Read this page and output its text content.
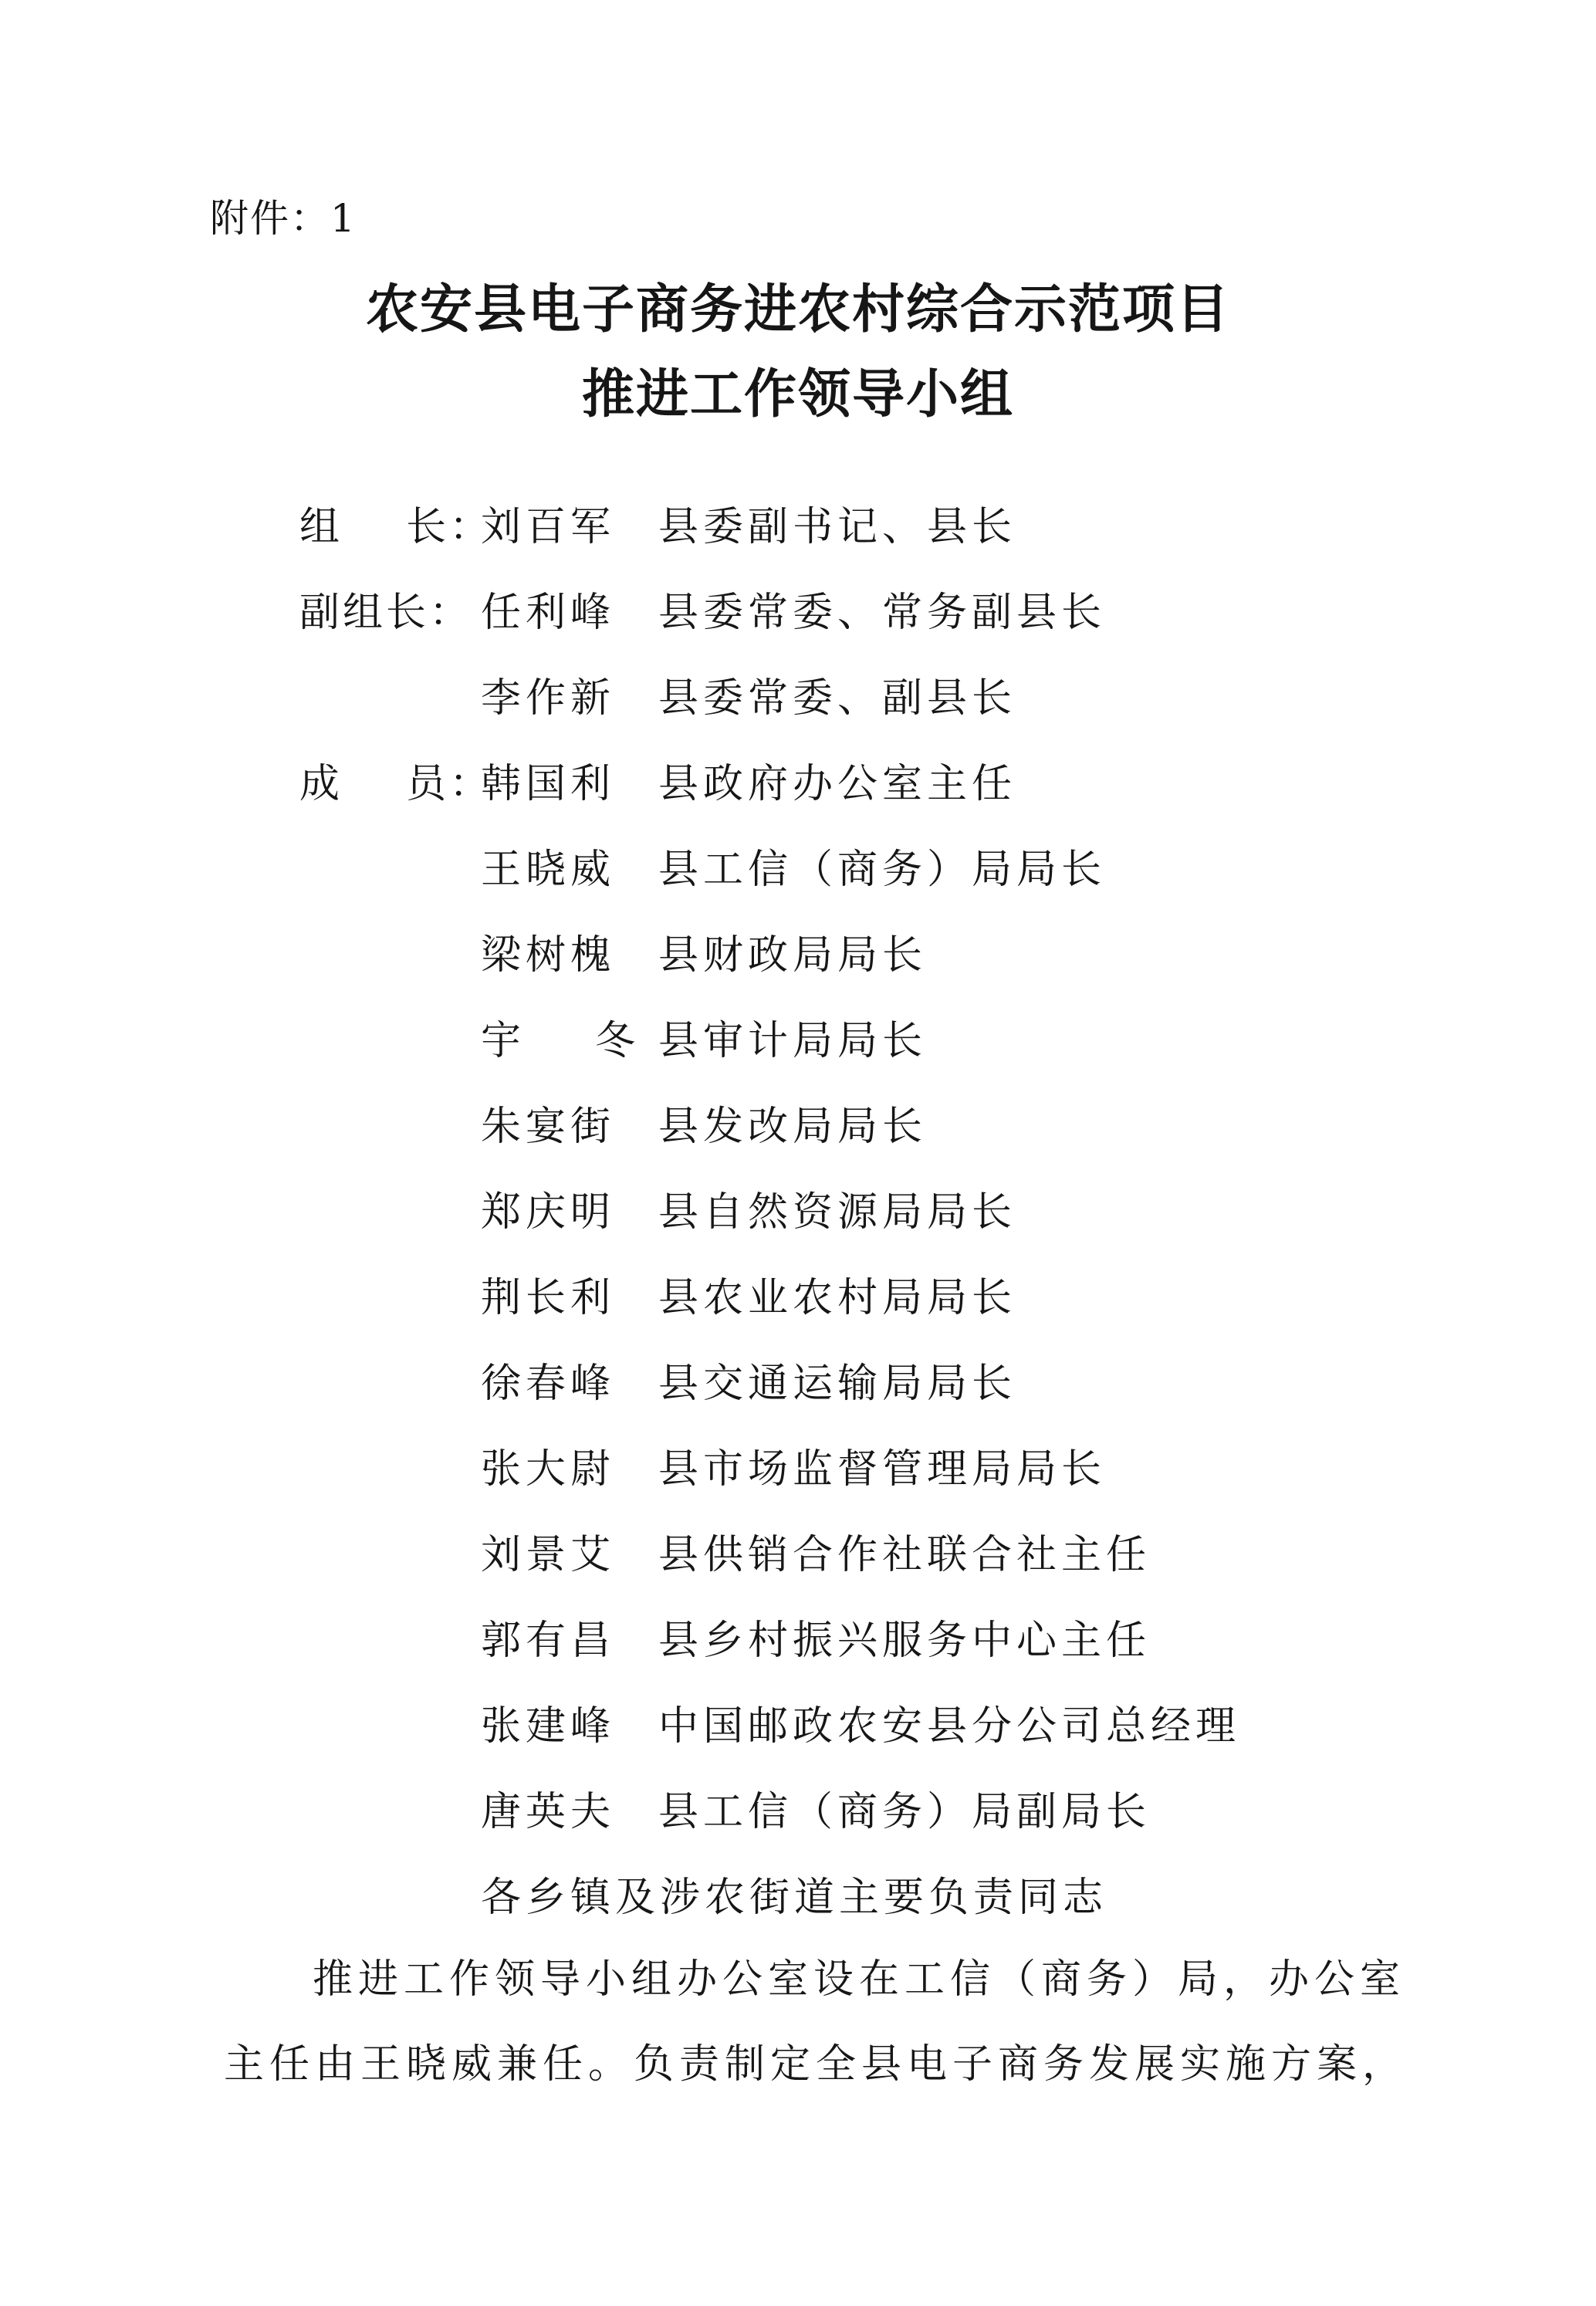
附件：1
农安县电子商务进农村综合示范项目
推进工作领导小组
组    长：
刘百军	县委副书记、县长
副组长： 任利峰	县委常委、常务副县长
李作新	县委常委、副县长
成    员：
韩国利	县政府办公室主任
王晓威	县工信（商务）局局长
梁树槐	县财政局局长
宇    冬 县审计局局长
朱宴街	县发改局局长
郑庆明	县自然资源局局长
荆长利	县农业农村局局长
徐春峰	县交通运输局局长
张大尉	县市场监督管理局局长
刘景艾	县供销合作社联合社主任
郭有昌	县乡村振兴服务中心主任
张建峰	中国邮政农安县分公司总经理
唐英夫	县工信（商务）局副局长
各乡镇及涉农街道主要负责同志
推进工作领导小组办公室设在工信（商务）局，办公室
主任由王晓威兼任。负责制定全县电子商务发展实施方案，
